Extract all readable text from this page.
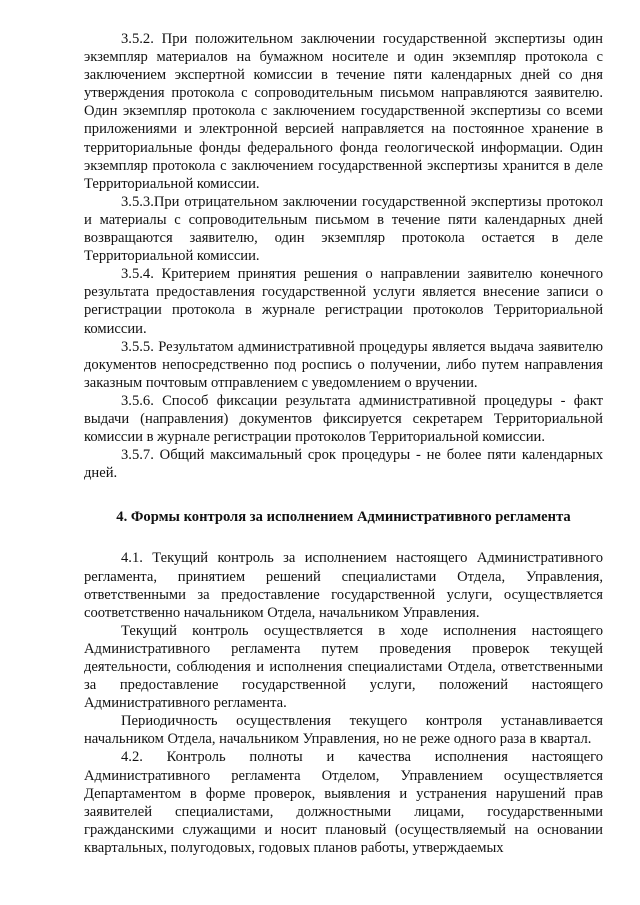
3.5.2. При положительном заключении государственной экспертизы один экземпляр материалов на бумажном носителе и один экземпляр протокола с заключением экспертной комиссии в течение пяти календарных дней со дня утверждения протокола с сопроводительным письмом направляются заявителю. Один экземпляр протокола с заключением государственной экспертизы со всеми приложениями и электронной версией направляется на постоянное хранение в территориальные фонды федерального фонда геологической информации. Один экземпляр протокола с заключением государственной экспертизы хранится в деле Территориальной комиссии.

3.5.3.При отрицательном заключении государственной экспертизы протокол и материалы с сопроводительным письмом в течение пяти календарных дней возвращаются заявителю, один экземпляр протокола остается в деле Территориальной комиссии.

3.5.4. Критерием принятия решения о направлении заявителю конечного результата предоставления государственной услуги является внесение записи о регистрации протокола в журнале регистрации протоколов Территориальной комиссии.

3.5.5. Результатом административной процедуры является выдача заявителю документов непосредственно под роспись о получении, либо путем направления заказным почтовым отправлением с уведомлением о вручении.

3.5.6. Способ фиксации результата административной процедуры - факт выдачи (направления) документов фиксируется секретарем Территориальной комиссии в журнале регистрации протоколов Территориальной комиссии.

3.5.7. Общий максимальный срок процедуры - не более пяти календарных дней.

4. Формы контроля за исполнением Административного регламента

4.1. Текущий контроль за исполнением настоящего Административного регламента, принятием решений специалистами Отдела, Управления, ответственными за предоставление государственной услуги, осуществляется соответственно начальником Отдела, начальником Управления.

Текущий контроль осуществляется в ходе исполнения настоящего Административного регламента путем проведения проверок текущей деятельности, соблюдения и исполнения специалистами Отдела, ответственными за предоставление государственной услуги, положений настоящего Административного регламента.

Периодичность осуществления текущего контроля устанавливается начальником Отдела, начальником Управления, но не реже одного раза в квартал.

4.2. Контроль полноты и качества исполнения настоящего Административного регламента Отделом, Управлением осуществляется Департаментом в форме проверок, выявления и устранения нарушений прав заявителей специалистами, должностными лицами, государственными гражданскими служащими и носит плановый (осуществляемый на основании квартальных, полугодовых, годовых планов работы, утверждаемых
